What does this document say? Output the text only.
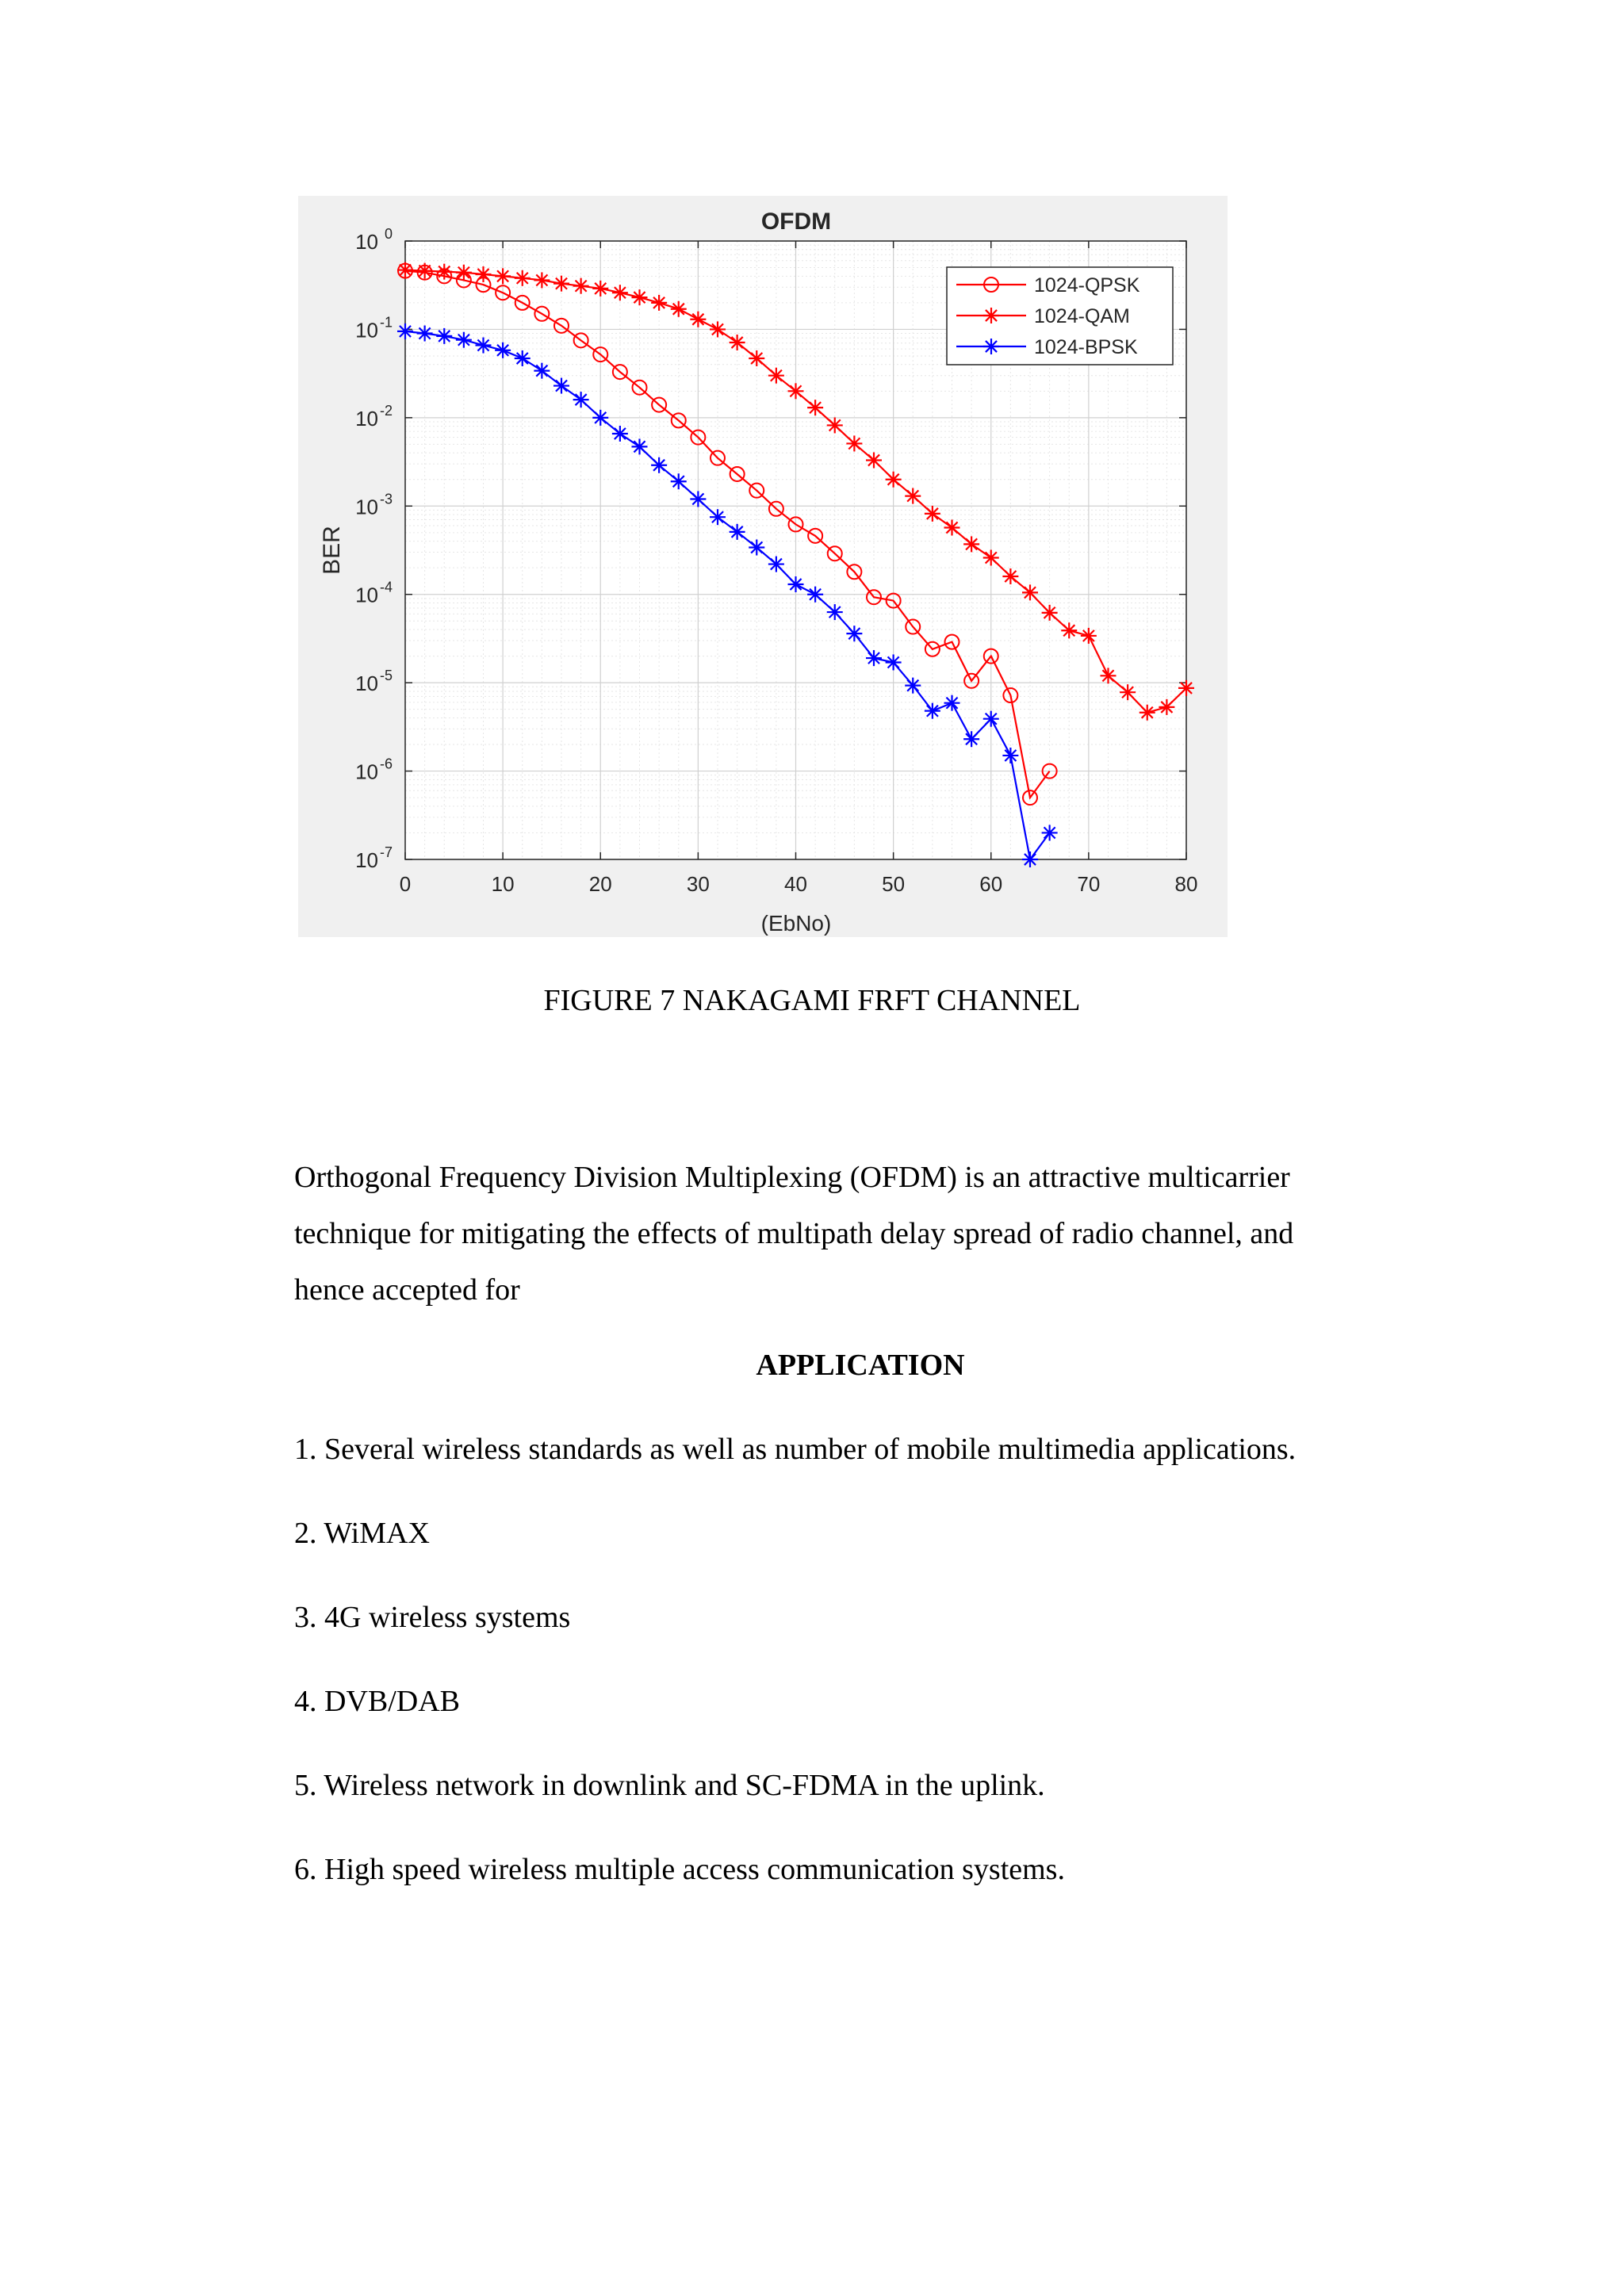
0	10	20	30	40	50	60	70	80
10 0
10 -1
10 -2
10 -3
10 -4
10 -5
10 -6
10 -7
1024-QPSK
1024-QAM
1024-BPSK
OFDM
(EbNo)
BER
FIGURE 7 NAKAGAMI FRFT CHANNEL

Orthogonal Frequency Division Multiplexing (OFDM) is an attractive multicarrier
technique for mitigating the effects of multipath delay spread of radio channel, and
hence accepted for

APPLICATION
1. Several wireless standards as well as number of mobile multimedia applications.
2. WiMAX
3. 4G wireless systems
4. DVB/DAB
5. Wireless network in downlink and SC-FDMA in the uplink.
6. High speed wireless multiple access communication systems.
